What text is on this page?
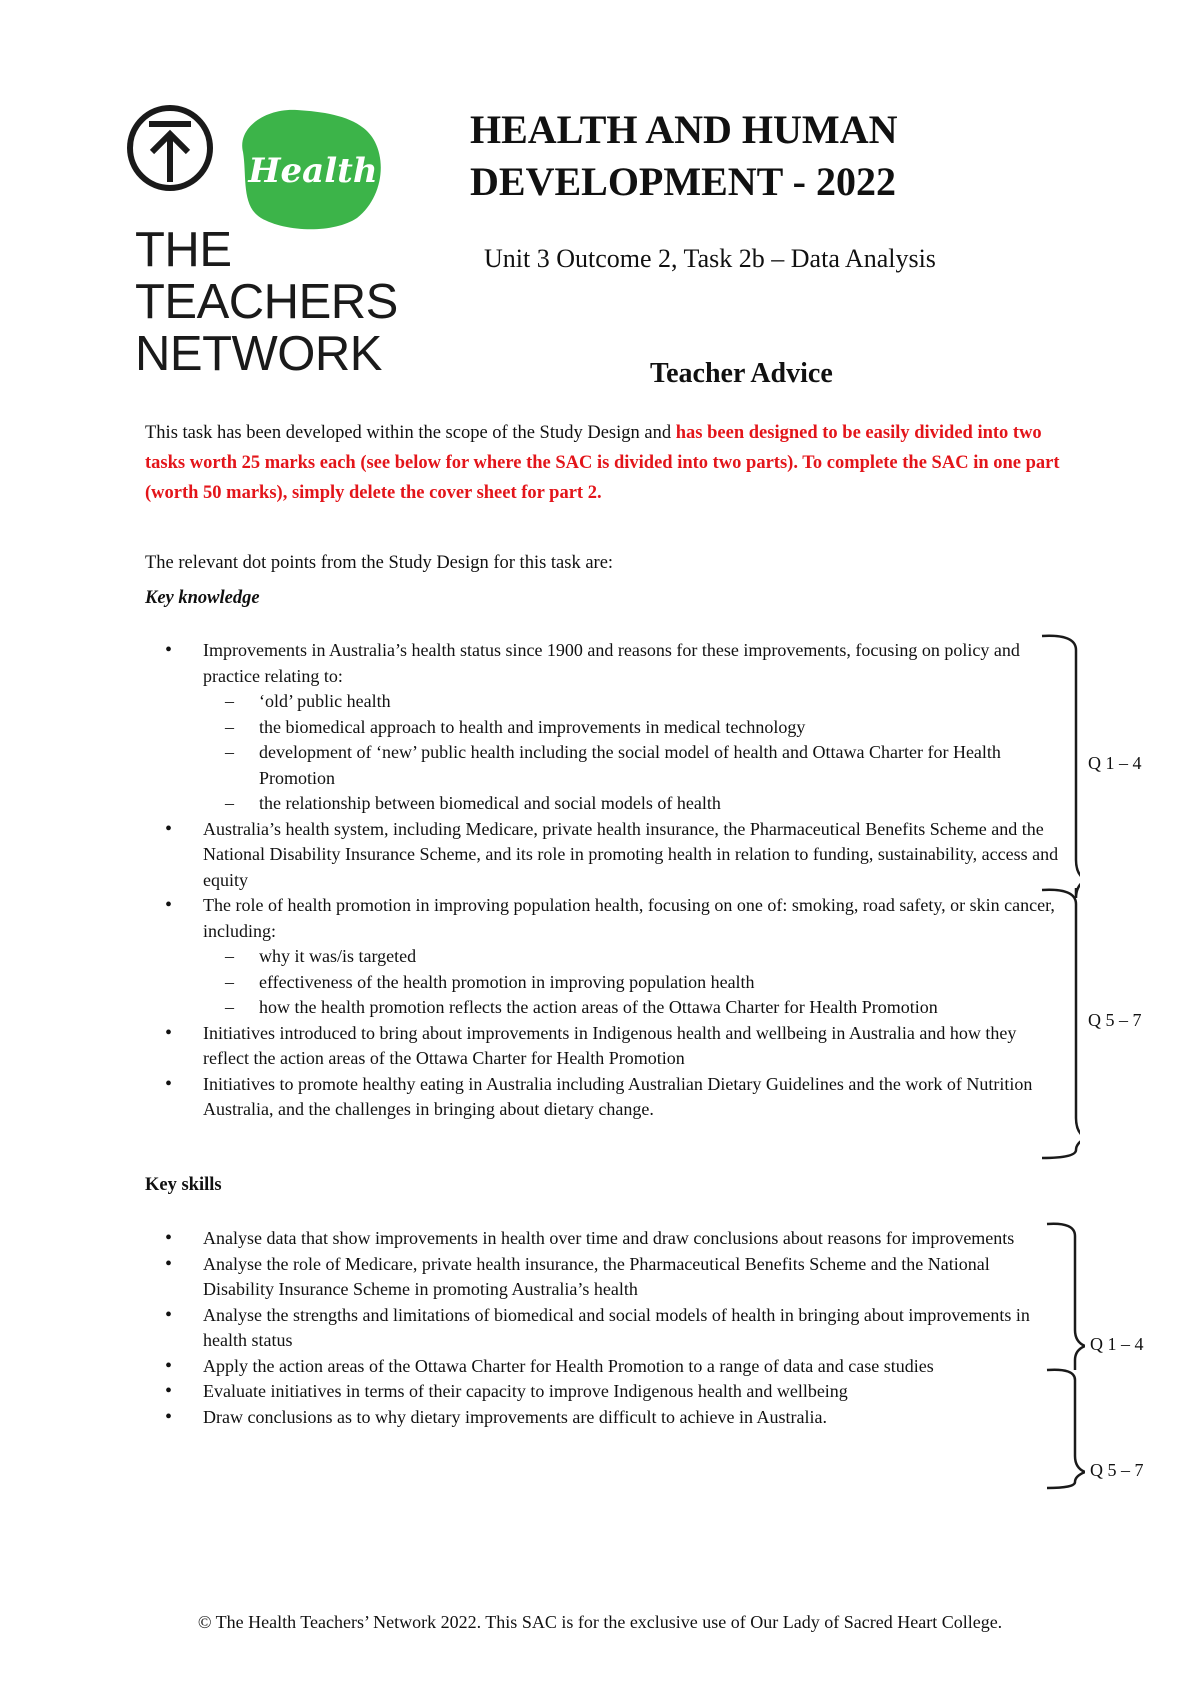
Health
THE
TEACHERS
NETWORK
HEALTH AND HUMAN
DEVELOPMENT - 2022
Unit 3 Outcome 2, Task 2b – Data Analysis
Teacher Advice
This task has been developed within the scope of the Study Design and has been designed to be easily divided into two tasks worth 25 marks each (see below for where the SAC is divided into two parts). To complete the SAC in one part (worth 50 marks), simply delete the cover sheet for part 2.
The relevant dot points from the Study Design for this task are:
Key knowledge
• Improvements in Australia’s health status since 1900 and reasons for these improvements, focusing on policy and practice relating to:
– ‘old’ public health
– the biomedical approach to health and improvements in medical technology
– development of ‘new’ public health including the social model of health and Ottawa Charter for Health Promotion
– the relationship between biomedical and social models of health
• Australia’s health system, including Medicare, private health insurance, the Pharmaceutical Benefits Scheme and the National Disability Insurance Scheme, and its role in promoting health in relation to funding, sustainability, access and equity
• The role of health promotion in improving population health, focusing on one of: smoking, road safety, or skin cancer, including:
– why it was/is targeted
– effectiveness of the health promotion in improving population health
– how the health promotion reflects the action areas of the Ottawa Charter for Health Promotion
• Initiatives introduced to bring about improvements in Indigenous health and wellbeing in Australia and how they reflect the action areas of the Ottawa Charter for Health Promotion
• Initiatives to promote healthy eating in Australia including Australian Dietary Guidelines and the work of Nutrition Australia, and the challenges in bringing about dietary change.
Q 1 – 4
Q 5 – 7
Key skills
• Analyse data that show improvements in health over time and draw conclusions about reasons for improvements
• Analyse the role of Medicare, private health insurance, the Pharmaceutical Benefits Scheme and the National Disability Insurance Scheme in promoting Australia’s health
• Analyse the strengths and limitations of biomedical and social models of health in bringing about improvements in health status
• Apply the action areas of the Ottawa Charter for Health Promotion to a range of data and case studies
• Evaluate initiatives in terms of their capacity to improve Indigenous health and wellbeing
• Draw conclusions as to why dietary improvements are difficult to achieve in Australia.
Q 1 – 4
Q 5 – 7
© The Health Teachers’ Network 2022. This SAC is for the exclusive use of Our Lady of Sacred Heart College.
